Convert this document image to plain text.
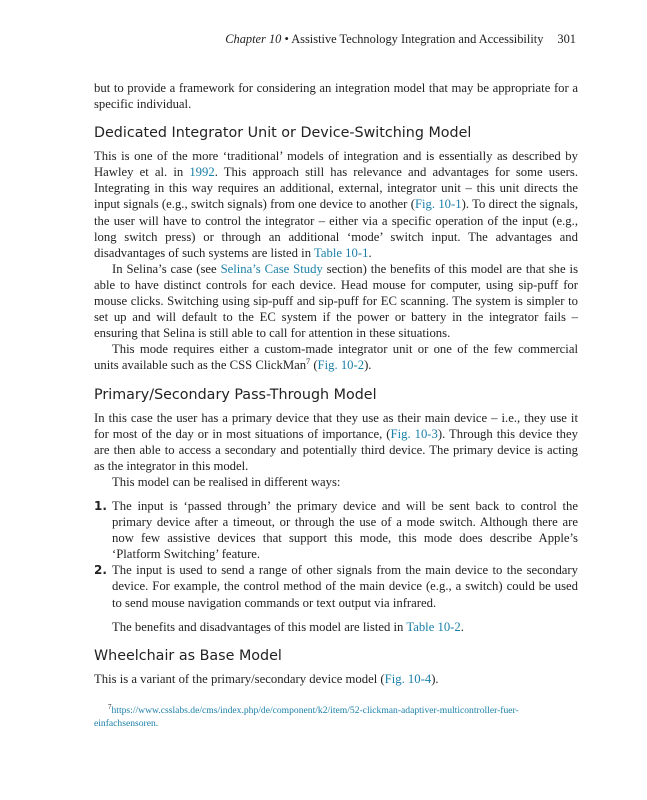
Chapter 10 • Assistive Technology Integration and Accessibility 301

but to provide a framework for considering an integration model that may be appropriate for a specific individual.

Dedicated Integrator Unit or Device-Switching Model

This is one of the more ‘traditional’ models of integration and is essentially as described by Hawley et al. in 1992. This approach still has relevance and advantages for some users. Integrating in this way requires an additional, external, integrator unit – this unit directs the input signals (e.g., switch signals) from one device to another (Fig. 10-1). To direct the signals, the user will have to control the integrator – either via a specific operation of the input (e.g., long switch press) or through an additional ‘mode’ switch input. The advantages and disadvantages of such systems are listed in Table 10-1.

In Selina’s case (see Selina’s Case Study section) the benefits of this model are that she is able to have distinct controls for each device. Head mouse for computer, using sip-puff for mouse clicks. Switching using sip-puff and sip-puff for EC scanning. The system is simpler to set up and will default to the EC system if the power or battery in the integrator fails – ensuring that Selina is still able to call for attention in these situations.

This mode requires either a custom-made integrator unit or one of the few commercial units available such as the CSS ClickMan$^7$ (Fig. 10-2).

Primary/Secondary Pass-Through Model

In this case the user has a primary device that they use as their main device – i.e., they use it for most of the day or in most situations of importance, (Fig. 10-3). Through this device they are then able to access a secondary and potentially third device. The primary device is acting as the integrator in this model.

This model can be realised in different ways:

1. The input is ‘passed through’ the primary device and will be sent back to control the primary device after a timeout, or through the use of a mode switch. Although there are now few assistive devices that support this mode, this mode does describe Apple’s ‘Platform Switching’ feature.
2. The input is used to send a range of other signals from the main device to the secondary device. For example, the control method of the main device (e.g., a switch) could be used to send mouse navigation commands or text output via infrared.

The benefits and disadvantages of this model are listed in Table 10-2.

Wheelchair as Base Model

This is a variant of the primary/secondary device model (Fig. 10-4).

$^7$https://www.csslabs.de/cms/index.php/de/component/k2/item/52-clickman-adaptiver-multicontroller-fuer-einfachsensoren.
